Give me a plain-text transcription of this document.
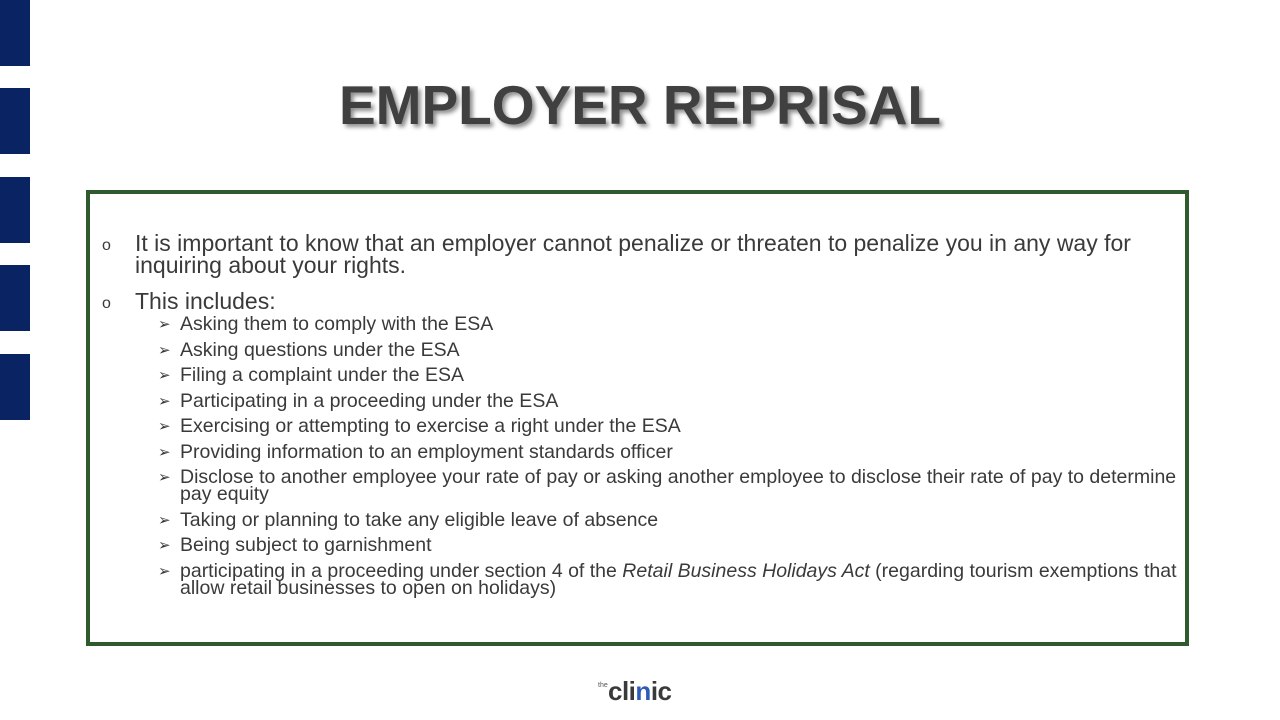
EMPLOYER REPRISAL
o It is important to know that an employer cannot penalize or threaten to penalize you in any way for inquiring about your rights.
o This includes:
➢ Asking them to comply with the ESA
➢ Asking questions under the ESA
➢ Filing a complaint under the ESA
➢ Participating in a proceeding under the ESA
➢ Exercising or attempting to exercise a right under the ESA
➢ Providing information to an employment standards officer
➢ Disclose to another employee your rate of pay or asking another employee to disclose their rate of pay to determine pay equity
➢ Taking or planning to take any eligible leave of absence
➢ Being subject to garnishment
➢ participating in a proceeding under section 4 of the Retail Business Holidays Act (regarding tourism exemptions that allow retail businesses to open on holidays)
the clinic
